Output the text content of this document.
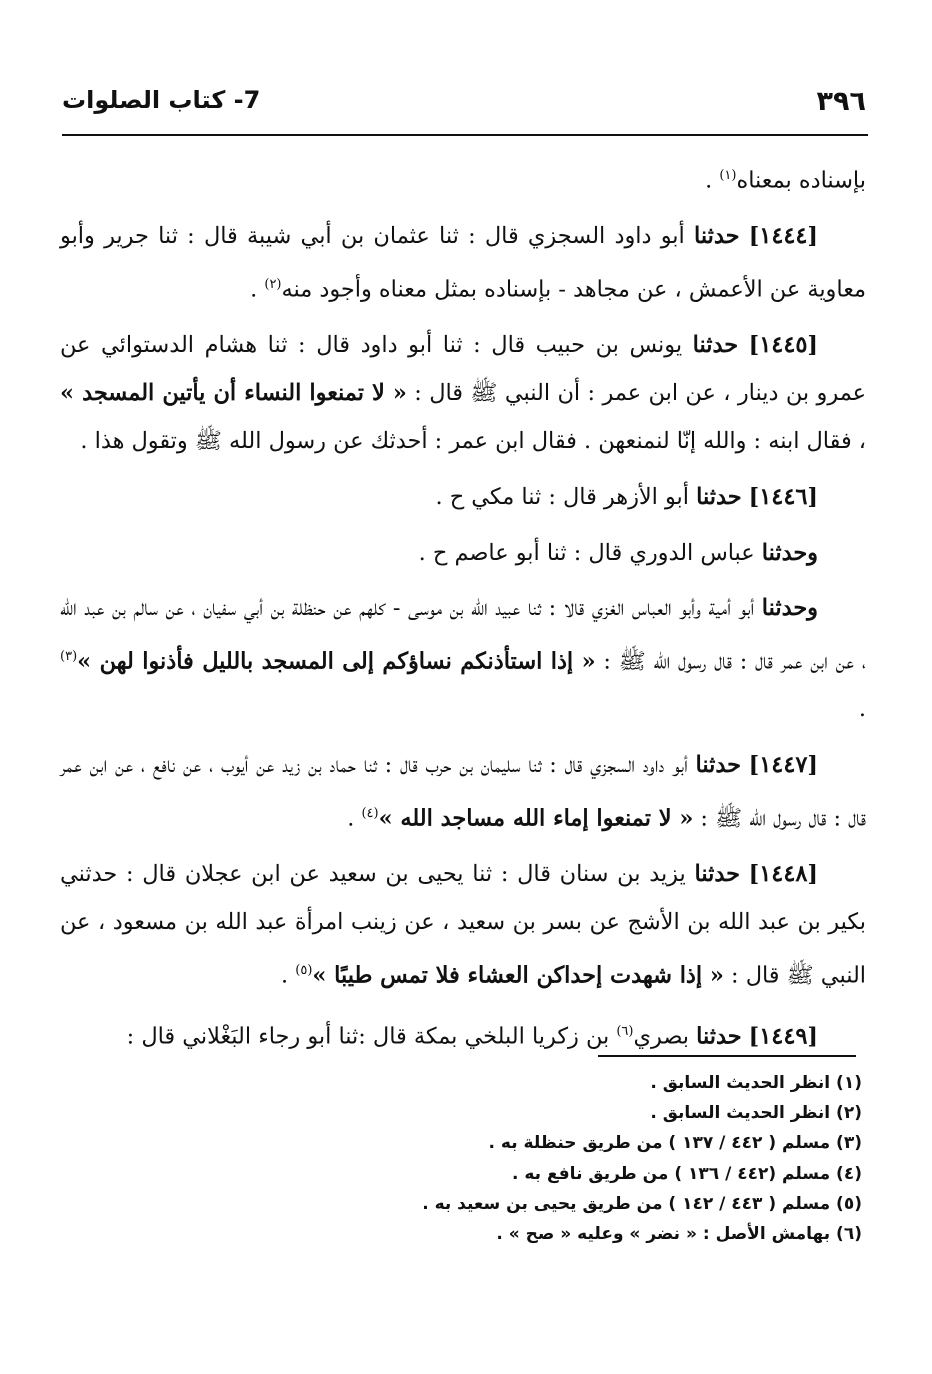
٣٩٦
7- كتاب الصلوات

بإسناده بمعناه$^{(١)}$ .

[١٤٤٤] حدثنا أبو داود السجزي قال : ثنا عثمان بن أبي شيبة قال : ثنا جرير وأبو معاوية عن الأعمش ، عن مجاهد - بإسناده بمثل معناه وأجود منه$^{(٢)}$ .

[١٤٤٥] حدثنا يونس بن حبيب قال : ثنا أبو داود قال : ثنا هشام الدستوائي عن عمرو بن دينار ، عن ابن عمر : أن النبي ﷺ قال : « لا تمنعوا النساء أن يأتين المسجد » ، فقال ابنه : والله إنّا لنمنعهن . فقال ابن عمر : أحدثك عن رسول الله ﷺ وتقول هذا .

[١٤٤٦] حدثنا أبو الأزهر قال : ثنا مكي ح .

وحدثنا عباس الدوري قال : ثنا أبو عاصم ح .

وحدثنا أبو أمية وأبو العباس الغزي قالا : ثنا عبيد الله بن موسى - كلهم عن حنظلة بن أبي سفيان ، عن سالم بن عبد الله ، عن ابن عمر قال : قال رسول الله ﷺ : « إذا استأذنكم نساؤكم إلى المسجد بالليل فأذنوا لهن »$^{(٣)}$ .

[١٤٤٧] حدثنا أبو داود السجزي قال : ثنا سليمان بن حرب قال : ثنا حماد بن زيد عن أيوب ، عن نافع ، عن ابن عمر قال : قال رسول الله ﷺ : « لا تمنعوا إماء الله مساجد الله »$^{(٤)}$ .

[١٤٤٨] حدثنا يزيد بن سنان قال : ثنا يحيى بن سعيد عن ابن عجلان قال : حدثني بكير بن عبد الله بن الأشج عن بسر بن سعيد ، عن زينب امرأة عبد الله بن مسعود ، عن النبي ﷺ قال : « إذا شهدت إحداكن العشاء فلا تمس طيبًا »$^{(٥)}$ .

[١٤٤٩] حدثنا بصري$^{(٦)}$ بن زكريا البلخي بمكة قال :ثنا أبو رجاء البَغْلاني قال :

(١) انظر الحديث السابق .
(٢) انظر الحديث السابق .
(٣) مسلم ( ٤٤٢ / ١٣٧ ) من طريق حنظلة به .
(٤) مسلم (٤٤٢ / ١٣٦ ) من طريق نافع به .
(٥) مسلم ( ٤٤٣ / ١٤٢ ) من طريق يحيى بن سعيد به .
(٦) بهامش الأصل : « نضر » وعليه « صح » .
